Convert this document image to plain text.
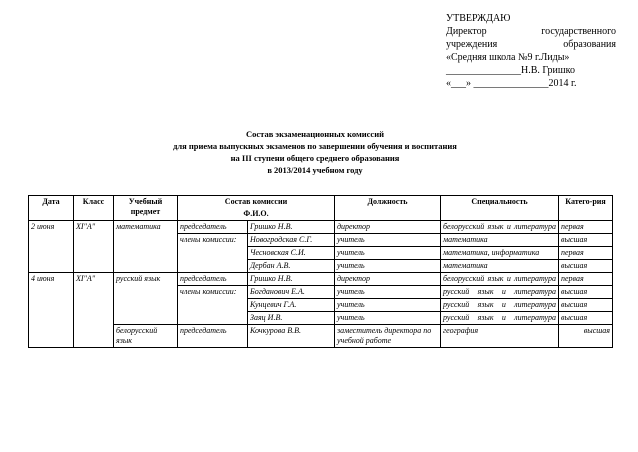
УТВЕРЖДАЮ
Директор	государственного
учреждения	образования
«Средняя школа №9 г.Лиды»
_______________Н.В. Гришко
«___» _______________2014 г.
Состав экзаменационных комиссий
для приема выпускных экзаменов по завершении обучения и воспитания
на III ступени общего среднего образования
в 2013/2014 учебном году
Дата	Класс	Учебный предмет	Состав комиссии		Должность	Специальность	Катего-рия
			Ф.И.О.				
2 июня	XI"A"	математика	председатель	Гришко Н.В.	директор	белорусский язык и литература	первая
			члены комиссии:	Новогродская С.Г.	учитель	математика	высшая
				Чесновская С.И.	учитель	математика, информатика	первая
				Дербан А.В.	учитель	математика	высшая
4 июня	XI"A"	русский язык	председатель	Гришко Н.В.	директор	белорусский язык и литература	первая
			члены комиссии:	Богданович Е.А.	учитель	русский язык и литература	высшая
				Кунцевич Г.А.	учитель	русский язык и литература	высшая
				Заяц И.В.	учитель	русский язык и литература	высшая
		белорусский язык	председатель	Кочкурова В.В.	заместитель директора по учебной работе	география	высшая
